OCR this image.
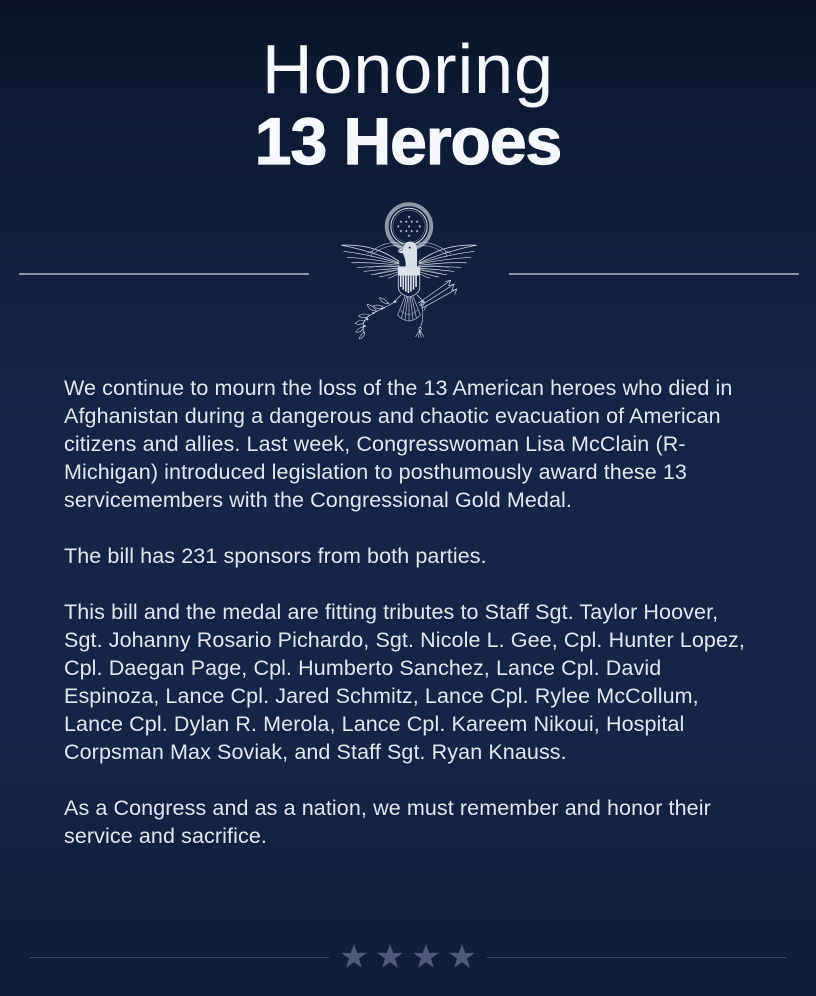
Honoring
13 Heroes

We continue to mourn the loss of the 13 American heroes who died in Afghanistan during a dangerous and chaotic evacuation of American citizens and allies. Last week, Congresswoman Lisa McClain (R-Michigan) introduced legislation to posthumously award these 13 servicemembers with the Congressional Gold Medal.

The bill has 231 sponsors from both parties.

This bill and the medal are fitting tributes to Staff Sgt. Taylor Hoover, Sgt. Johanny Rosario Pichardo, Sgt. Nicole L. Gee, Cpl. Hunter Lopez, Cpl. Daegan Page, Cpl. Humberto Sanchez, Lance Cpl. David Espinoza, Lance Cpl. Jared Schmitz, Lance Cpl. Rylee McCollum, Lance Cpl. Dylan R. Merola, Lance Cpl. Kareem Nikoui, Hospital Corpsman Max Soviak, and Staff Sgt. Ryan Knauss.

As a Congress and as a nation, we must remember and honor their service and sacrifice.
